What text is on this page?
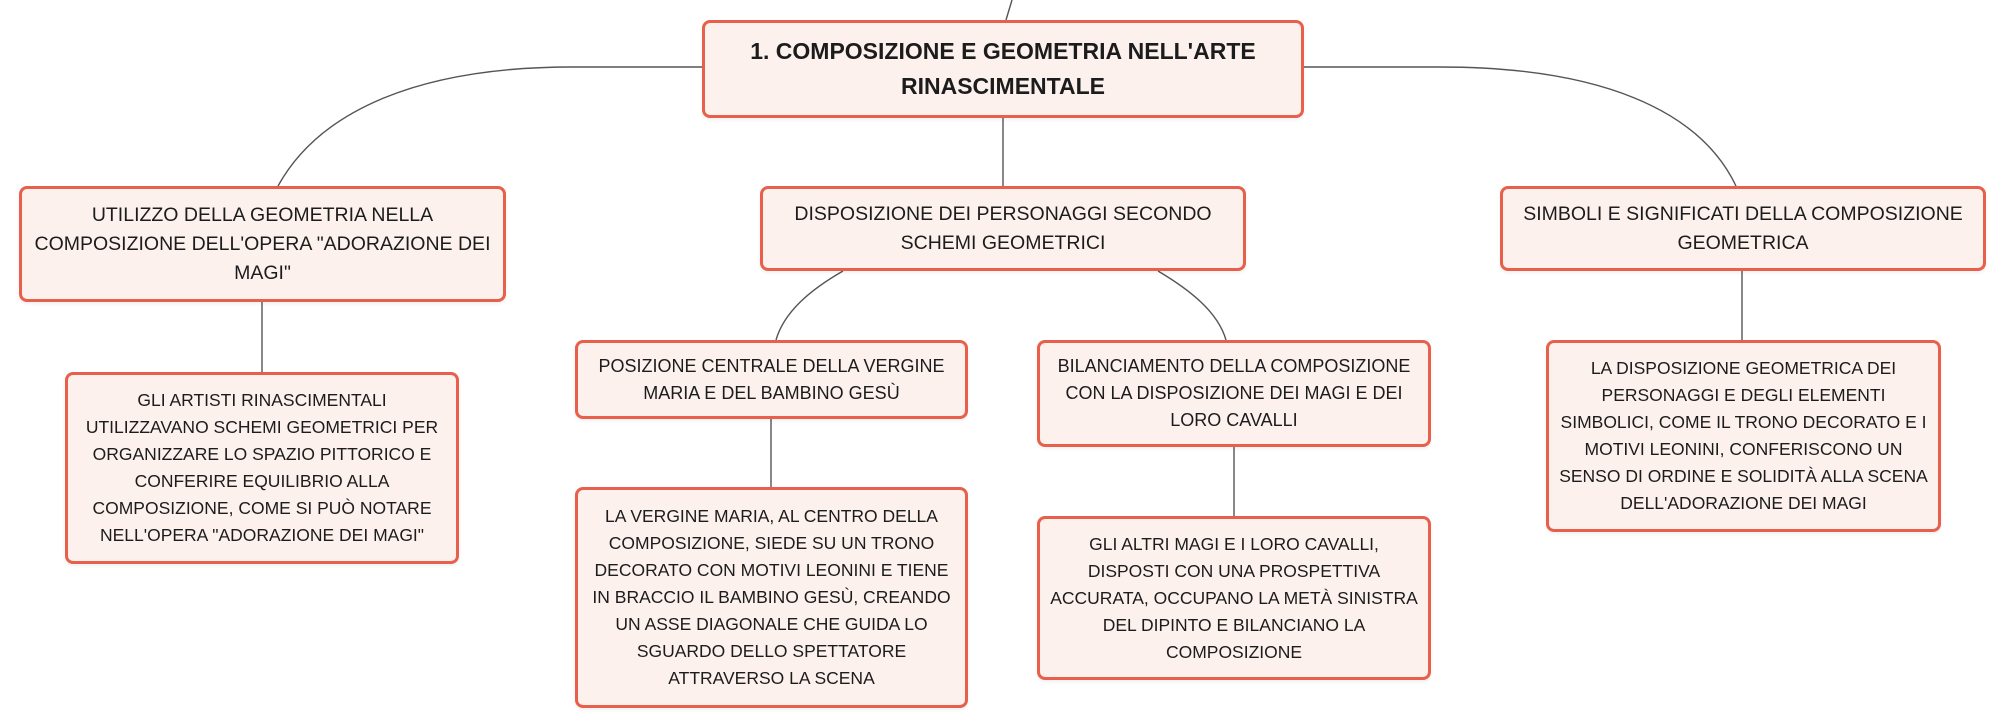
1. COMPOSIZIONE E GEOMETRIA NELL'ARTE RINASCIMENTALE
UTILIZZO DELLA GEOMETRIA NELLA COMPOSIZIONE DELL'OPERA "ADORAZIONE DEI MAGI"
DISPOSIZIONE DEI PERSONAGGI SECONDO SCHEMI GEOMETRICI
SIMBOLI E SIGNIFICATI DELLA COMPOSIZIONE GEOMETRICA
GLI ARTISTI RINASCIMENTALI UTILIZZAVANO SCHEMI GEOMETRICI PER ORGANIZZARE LO SPAZIO PITTORICO E CONFERIRE EQUILIBRIO ALLA COMPOSIZIONE, COME SI PUÒ NOTARE NELL'OPERA "ADORAZIONE DEI MAGI"
POSIZIONE CENTRALE DELLA VERGINE MARIA E DEL BAMBINO GESÙ
BILANCIAMENTO DELLA COMPOSIZIONE CON LA DISPOSIZIONE DEI MAGI E DEI LORO CAVALLI
LA VERGINE MARIA, AL CENTRO DELLA COMPOSIZIONE, SIEDE SU UN TRONO DECORATO CON MOTIVI LEONINI E TIENE IN BRACCIO IL BAMBINO GESÙ, CREANDO UN ASSE DIAGONALE CHE GUIDA LO SGUARDO DELLO SPETTATORE ATTRAVERSO LA SCENA
GLI ALTRI MAGI E I LORO CAVALLI, DISPOSTI CON UNA PROSPETTIVA ACCURATA, OCCUPANO LA METÀ SINISTRA DEL DIPINTO E BILANCIANO LA COMPOSIZIONE
LA DISPOSIZIONE GEOMETRICA DEI PERSONAGGI E DEGLI ELEMENTI SIMBOLICI, COME IL TRONO DECORATO E I MOTIVI LEONINI, CONFERISCONO UN SENSO DI ORDINE E SOLIDITÀ ALLA SCENA DELL'ADORAZIONE DEI MAGI
